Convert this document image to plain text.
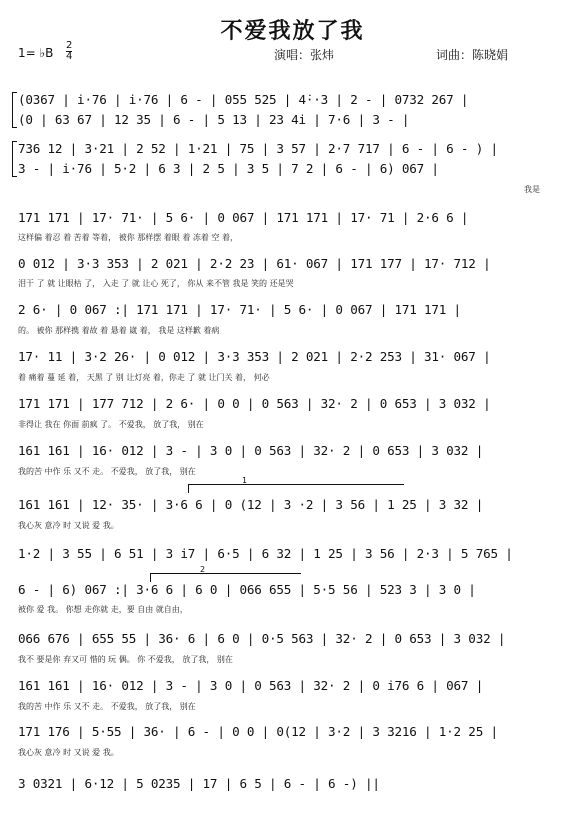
不爱我放了我
1= ♭B
2
4	演唱：张炜	词曲：陈晓娟
(0367 | i·76 | i·76 | 6 - | 055 525 | 4̇··3 | 2 - | 0732 267 |
(0 | 63 67 | 12 35 | 6 - | 5 13 | 23 4i | 7·6 | 3 - |
736 12 | 3·21 | 2 52 | 1·21 | 75 | 3 57 | 2·7 717 | 6 - | 6 - ) |
3 - | i·76 | 5·2 | 6 3 | 2 5 | 3 5 | 7 2 | 6 - | 6) 067 |
我是
171 171 | 17· 71· | 5 6· | 0 067 | 171 171 | 17· 71 | 2·6 6 |
这样偏 着忍 着 苦着 等着， 被你 那样摆 着眼 着 冻着 空 着，
0 012 | 3·3 353 | 2 021 | 2·2 23 | 61· 067 | 171 177 | 17· 712 |
泪干 了 就 让眼枯 了， 入走 了 就 让心 死了， 你从 来不管 我是 笑的 还是哭
2 6· | 0 067 :| 171 171 | 17· 71· | 5 6· | 0 067 | 171 171 |
的。 被你 那样携 着故 着 悬着 崴 着， 我是 这样歉 着病
17· 11 | 3·2 26· | 0 012 | 3·3 353 | 2 021 | 2·2 253 | 31· 067 |
着 痛着 蔓 延 着， 天黑 了 别 让灯亮 着，你走 了 就 让门关 着， 何必
171 171 | 177 712 | 2 6· | 0 0 | 0 563 | 32· 2 | 0 653 | 3 032 |
非得让 我在 你面 前疯 了。 不爱我， 放了我， 别在
161 161 | 16· 012 | 3 - | 3 0 | 0 563 | 32· 2 | 0 653 | 3 032 |
我的苦 中作 乐 又不 走。 不爱我， 放了我， 别在
1
161 161 | 12· 35· | 3·6 6 | 0 (12 | 3 ·2 | 3 56 | 1 25 | 3 32 |
我心灰 意冷 时 又说 爱 我。
1·2 | 3 55 | 6 51 | 3 i7 | 6·5 | 6 32 | 1 25 | 3 56 | 2·3 | 5 765 |
2
6 - | 6) 067 :| 3·6 6 | 6 0 | 066 655 | 5·5 56 | 523 3 | 3 0 |
被你 爱 我。 你想 走你就 走，要 自由 就自由，
066 676 | 655 55 | 36· 6 | 6 0 | 0·5 563 | 32· 2 | 0 653 | 3 032 |
我不 要是你 弃又可 惜的 玩 偶。 你 不爱我， 放了我， 别在
161 161 | 16· 012 | 3 - | 3 0 | 0 563 | 32· 2 | 0 i76 6 | 067 |
我的苦 中作 乐 又不 走。 不爱我， 放了我， 别在
171 176 | 5·55 | 36· | 6 - | 0 0 | 0(12 | 3·2 | 3 3216 | 1·2 25 |
我心灰 意冷 时 又说 爱 我。
3 0321 | 6·12 | 5 0235 | 17 | 6 5 | 6 - | 6 -) ||
